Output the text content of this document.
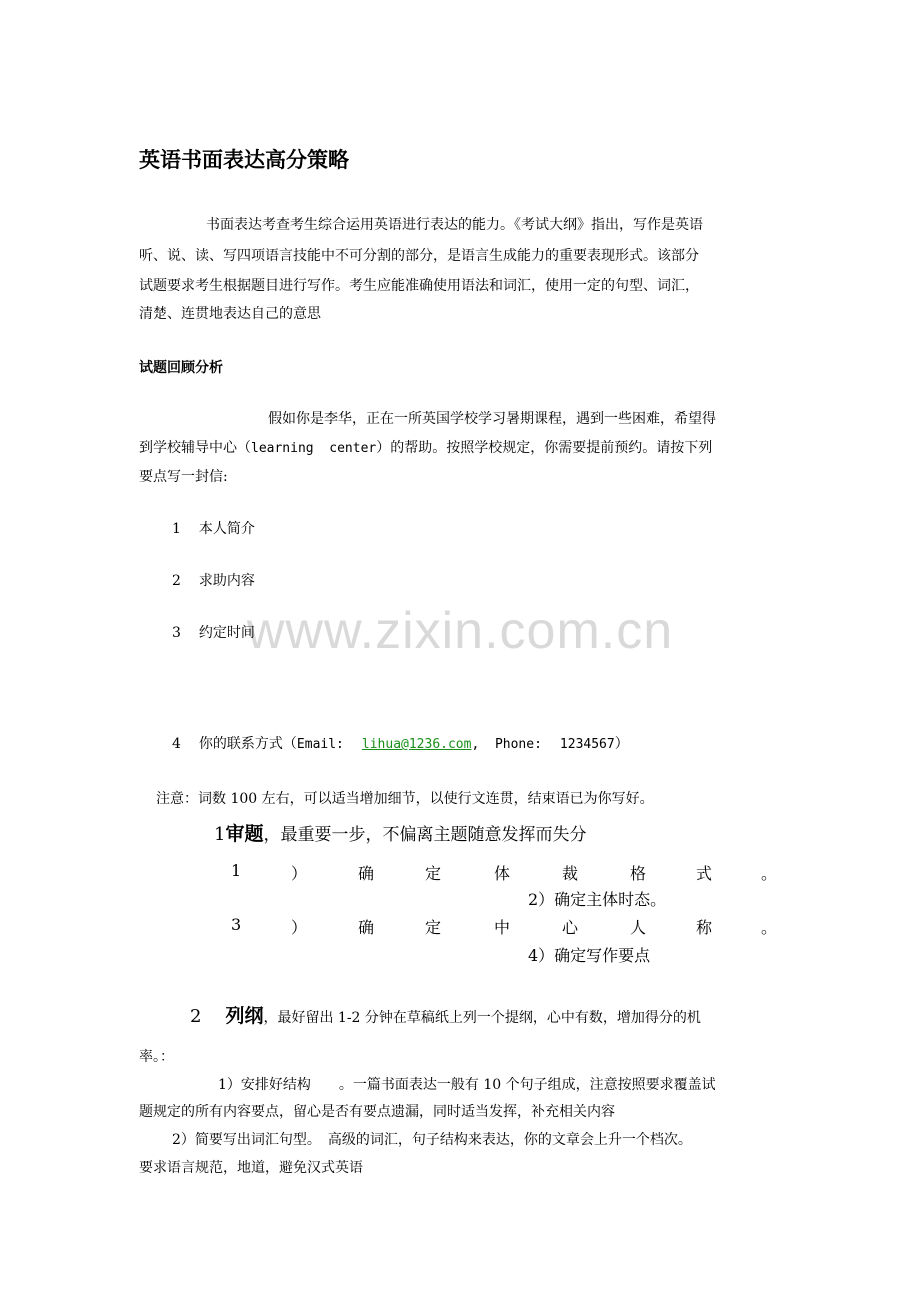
www.zixin.com.cn
英语书面表达高分策略
书面表达考查考生综合运用英语进行表达的能力。《考试大纲》指出，写作是英语
听、说、读、写四项语言技能中不可分割的部分，是语言生成能力的重要表现形式。该部分
试题要求考生根据题目进行写作。考生应能准确使用语法和词汇，使用一定的句型、词汇，
清楚、连贯地表达自己的意思
试题回顾分析
假如你是李华，正在一所英国学校学习暑期课程，遇到一些困难，希望得
到学校辅导中心（learning  center）的帮助。按照学校规定，你需要提前预约。请按下列
要点写一封信:
1 本人简介
2 求助内容
3 约定时间
4 你的联系方式（Email: lihua@1236.com,  Phone: 1234567）
注意：词数 100 左右，可以适当增加细节，以使行文连贯，结束语已为你写好。
1审题，最重要一步，不偏离主题随意发挥而失分
1	）	确	定	体	裁	格	式	。
2）确定主体时态。
3	）	确	定	中	心	人	称	。
4）确定写作要点
2 列纲，最好留出 1-2 分钟在草稿纸上列一个提纲，心中有数，增加得分的机
率。：
1）安排好结构　　。一篇书面表达一般有 10 个句子组成，注意按照要求覆盖试
题规定的所有内容要点，留心是否有要点遗漏，同时适当发挥，补充相关内容
2）简要写出词汇句型。　高级的词汇，句子结构来表达，你的文章会上升一个档次。
要求语言规范，地道，避免汉式英语
